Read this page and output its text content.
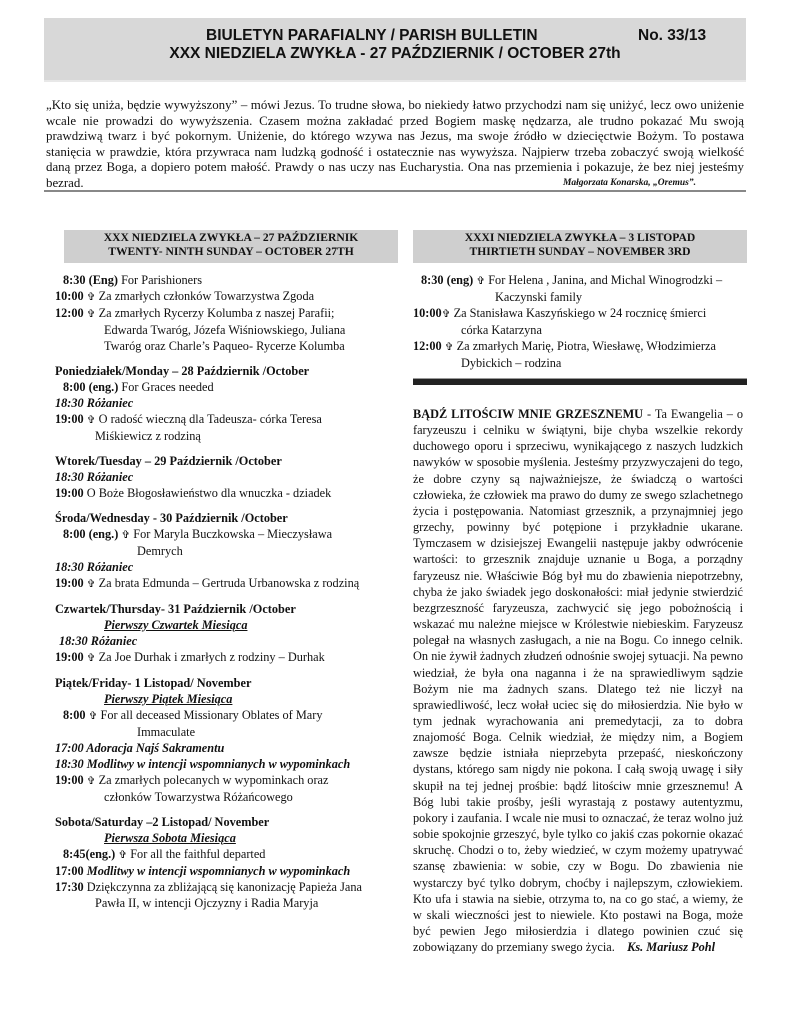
BIULETYN PARAFIALNY / PARISH BULLETIN	No. 33/13
XXX NIEDZIELA ZWYKŁA - 27 PAŹDZIERNIK / OCTOBER 27th
„Kto się uniża, będzie wywyższony” – mówi Jezus. To trudne słowa, bo niekiedy łatwo przychodzi nam się uniżyć, lecz owo uniżenie wcale nie prowadzi do wywyższenia. Czasem można zakładać przed Bogiem maskę nędzarza, ale trudno pokazać Mu swoją prawdziwą twarz i być pokornym. Uniżenie, do którego wzywa nas Jezus, ma swoje źródło w dziecięctwie Bożym. To postawa stanięcia w prawdzie, która przywraca nam ludzką godność i ostatecznie nas wywyższa. Najpierw trzeba zobaczyć swoją wielkość daną przez Boga, a dopiero potem małość. Prawdy o nas uczy nas Eucharystia. Ona nas przemienia i pokazuje, że bez niej jesteśmy bezrad.	Małgorzata Konarska, „Oremus”.
XXX NIEDZIELA ZWYKŁA – 27 PAŹDZIERNIK
TWENTY- NINTH SUNDAY – OCTOBER 27TH
XXXI NIEDZIELA ZWYKŁA – 3 LISTOPAD
THIRTIETH SUNDAY – NOVEMBER 3RD
8:30 (Eng) For Parishioners
10:00 ✞ Za zmarłych członków Towarzystwa Zgoda
12:00 ✞ Za zmarłych Rycerzy Kolumba z naszej Parafii;
Edwarda Twaróg, Józefa Wiśniowskiego, Juliana
Twaróg oraz Charle’s Paqueo- Rycerze Kolumba
Poniedziałek/Monday – 28 Październik /October
8:00 (eng.) For Graces needed
18:30 Różaniec
19:00 ✞ O radość wieczną dla Tadeusza- córka Teresa
Miśkiewicz z rodziną
Wtorek/Tuesday – 29 Październik /October
18:30 Różaniec
19:00 O Boże Błogosławieństwo dla wnuczka - dziadek
Środa/Wednesday - 30 Październik /October
8:00 (eng.) ✞ For Maryla Buczkowska – Mieczysława
Demrych
18:30 Różaniec
19:00 ✞ Za brata Edmunda – Gertruda Urbanowska z rodziną
Czwartek/Thursday- 31 Październik /October
Pierwszy Czwartek Miesiąca
18:30 Różaniec
19:00 ✞ Za Joe Durhak i zmarłych z rodziny – Durhak
Piątek/Friday- 1 Listopad/ November
Pierwszy Piątek Miesiąca
8:00 ✞ For all deceased Missionary Oblates of Mary
Immaculate
17:00 Adoracja Najś Sakramentu
18:30 Modlitwy w intencji wspomnianych w wypominkach
19:00 ✞ Za zmarłych polecanych w wypominkach oraz
członków Towarzystwa Różańcowego
Sobota/Saturday –2 Listopad/ November
Pierwsza Sobota Miesiąca
8:45(eng.) ✞ For all the faithful departed
17:00 Modlitwy w intencji wspomnianych w wypominkach
17:30 Dziękczynna za zbliżającą się kanonizację Papieża Jana
Pawła II, w intencji Ojczyzny i Radia Maryja
8:30 (eng) ✞ For Helena , Janina, and Michal Winogrodzki –
Kaczynski family
10:00✞ Za Stanisława Kaszyńskiego w 24 rocznicę śmierci
córka Katarzyna
12:00 ✞ Za zmarłych Marię, Piotra, Wiesławę, Włodzimierza
Dybickich – rodzina
BĄDŹ LITOŚCIW MNIE GRZESZNEMU - Ta Ewangelia – o faryzeuszu i celniku w świątyni, bije chyba wszelkie rekordy duchowego oporu i sprzeciwu, wynikającego z naszych ludzkich nawyków w sposobie myślenia. Jesteśmy przyzwyczajeni do tego, że dobre czyny są najważniejsze, że świadczą o wartości człowieka, że człowiek ma prawo do dumy ze swego szlachetnego życia i postępowania. Natomiast grzesznik, a przynajmniej jego grzechy, powinny być potępione i przykładnie ukarane. Tymczasem w dzisiejszej Ewangelii następuje jakby odwrócenie wartości: to grzesznik znajduje uznanie u Boga, a porządny faryzeusz nie. Właściwie Bóg był mu do zbawienia niepotrzebny, chyba że jako świadek jego doskonałości: miał jedynie stwierdzić bezgrzeszność faryzeusza, zachwycić się jego pobożnością i wskazać mu należne miejsce w Królestwie niebieskim. Faryzeusz polegał na własnych zasługach, a nie na Bogu. Co innego celnik. On nie żywił żadnych złudzeń odnośnie swojej sytuacji. Na pewno wiedział, że była ona naganna i że na sprawiedliwym sądzie Bożym nie ma żadnych szans. Dlatego też nie liczył na sprawiedliwość, lecz wołał uciec się do miłosierdzia. Nie było w tym jednak wyrachowania ani premedytacji, za to dobra znajomość Boga. Celnik wiedział, że między nim, a Bogiem zawsze będzie istniała nieprzebyta przepaść, nieskończony dystans, którego sam nigdy nie pokona. I całą swoją uwagę i siły skupił na tej jednej prośbie: bądź litościw mnie grzesznemu! A Bóg lubi takie prośby, jeśli wyrastają z postawy autentyzmu, pokory i zaufania. I wcale nie musi to oznaczać, że teraz wolno już sobie spokojnie grzeszyć, byle tylko co jakiś czas pokornie okazać skruchę. Chodzi o to, żeby wiedzieć, w czym możemy upatrywać szansę zbawienia: w sobie, czy w Bogu. Do zbawienia nie wystarczy być tylko dobrym, choćby i najlepszym, człowiekiem. Kto ufa i stawia na siebie, otrzyma to, na co go stać, a wiemy, że w skali wieczności jest to niewiele. Kto postawi na Boga, może być pewien Jego miłosierdzia i dlatego powinien czuć się zobowiązany do przemiany swego życia. Ks. Mariusz Pohl
